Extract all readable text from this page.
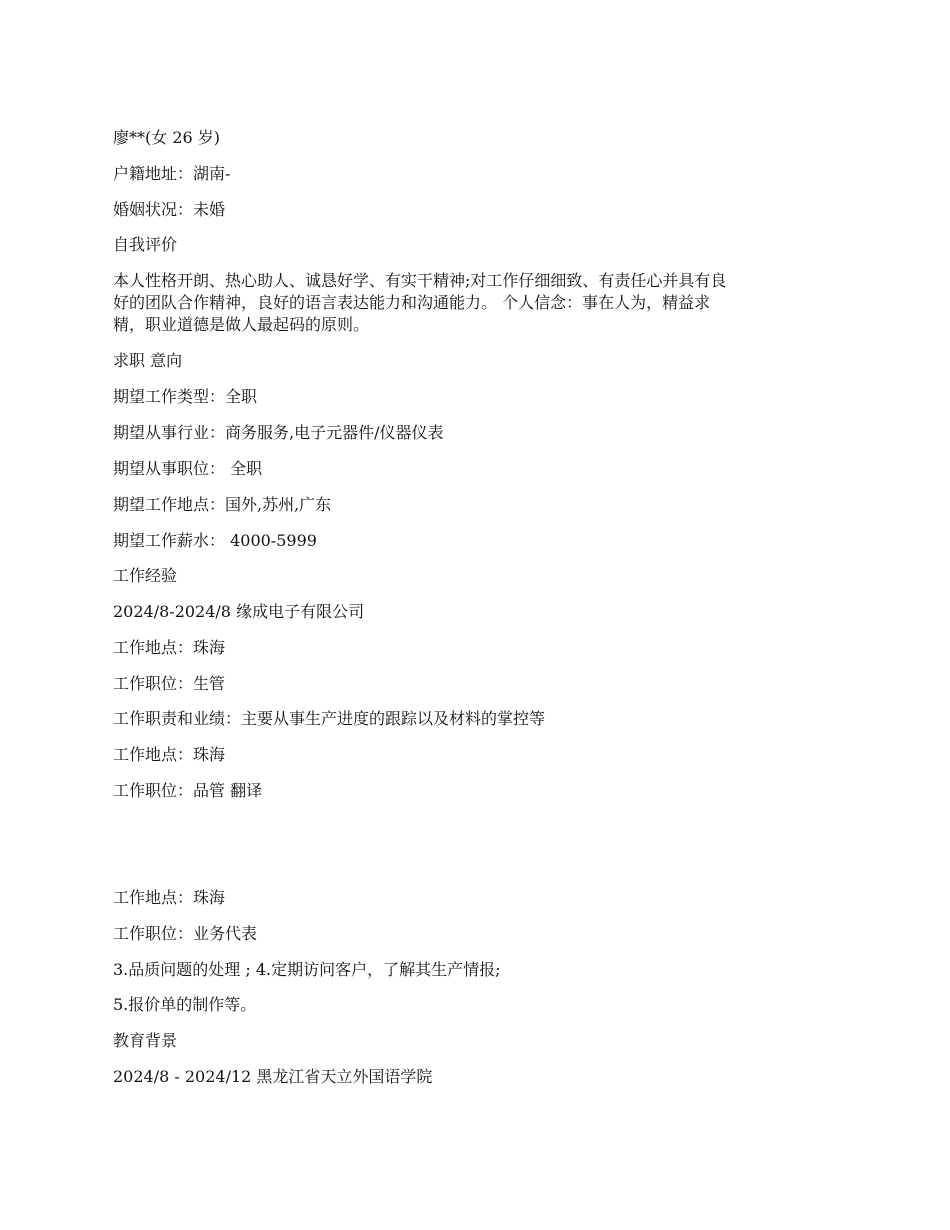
廖**(女 26 岁)
户籍地址：湖南-
婚姻状况：未婚
自我评价
本人性格开朗、热心助人、诚恳好学、有实干精神;对工作仔细细致、有责任心并具有良
好的团队合作精神，良好的语言表达能力和沟通能力。 个人信念：事在人为，精益求
精，职业道德是做人最起码的原则。
求职 意向
期望工作类型：全职
期望从事行业：商务服务,电子元器件/仪器仪表
期望从事职位： 全职
期望工作地点：国外,苏州,广东
期望工作薪水： 4000-5999
工作经验
2024/8-2024/8 缘成电子有限公司
工作地点：珠海
工作职位：生管
工作职责和业绩：主要从事生产进度的跟踪以及材料的掌控等
工作地点：珠海
工作职位：品管 翻译
工作地点：珠海
工作职位：业务代表
3.品质问题的处理 ; 4.定期访问客户，了解其生产情报;
5.报价单的制作等。
教育背景
2024/8 - 2024/12 黑龙江省天立外国语学院
